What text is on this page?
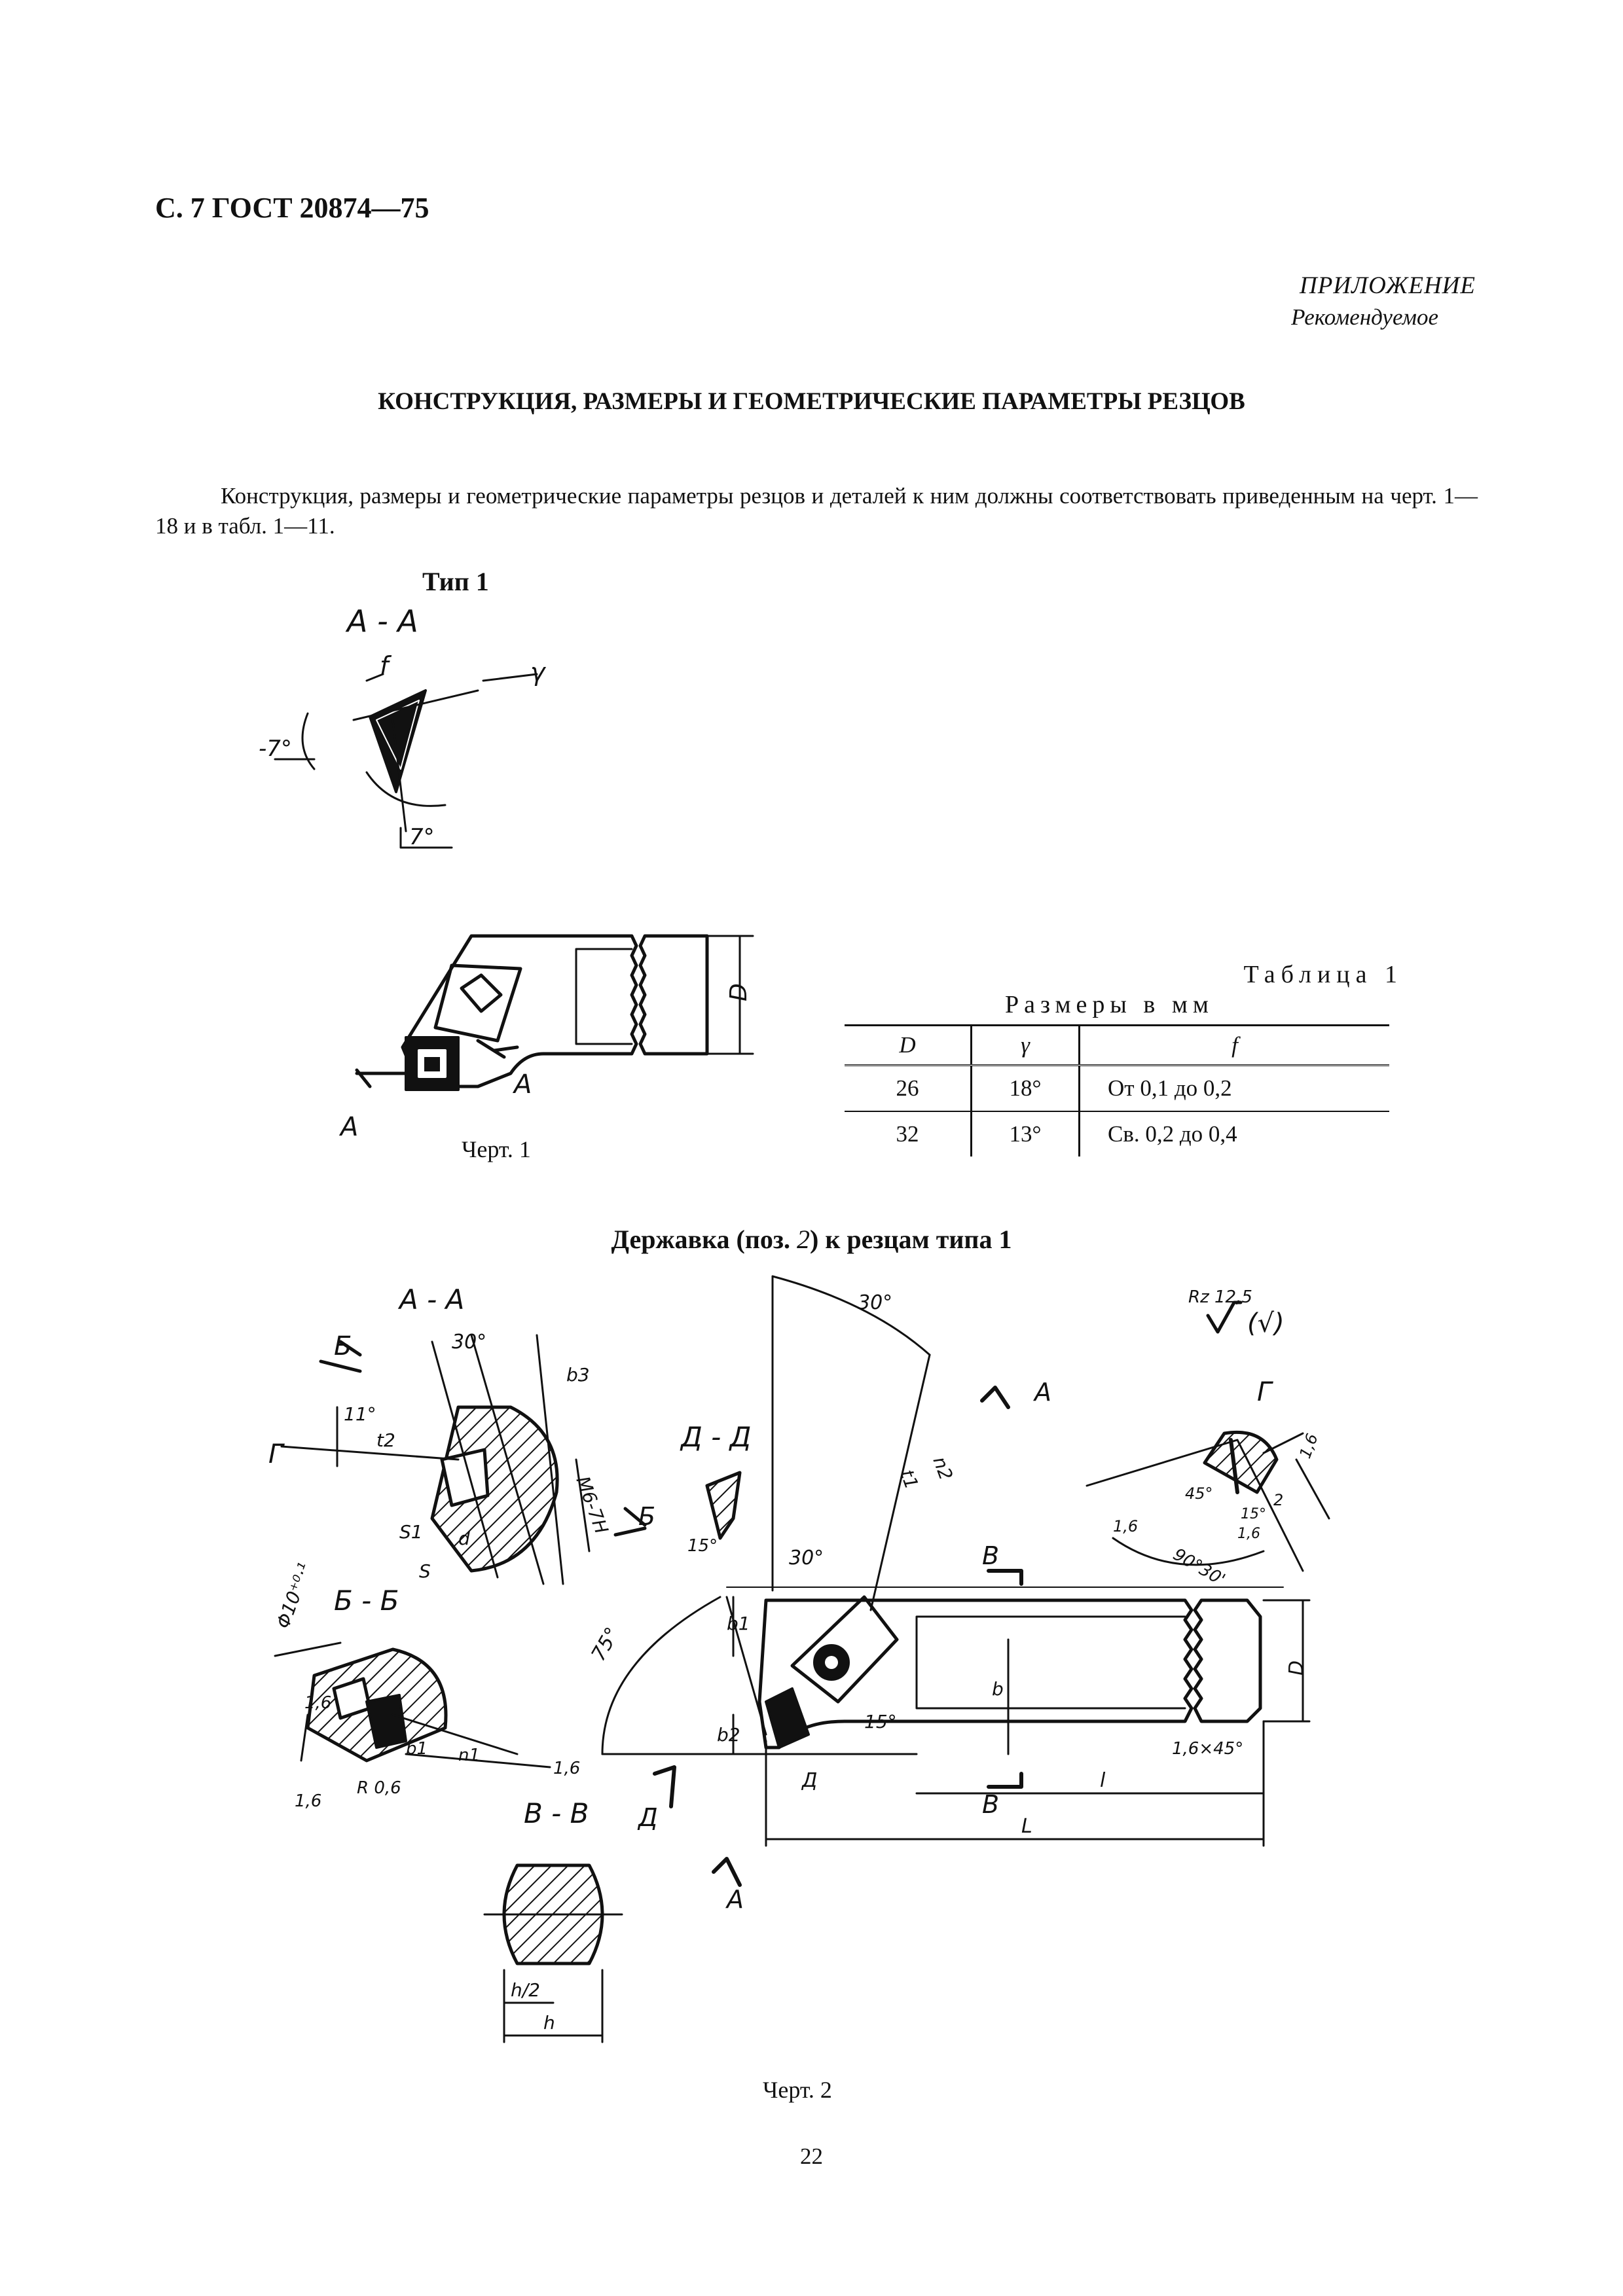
С. 7 ГОСТ 20874—75
ПРИЛОЖЕНИЕ
Рекомендуемое
КОНСТРУКЦИЯ, РАЗМЕРЫ И ГЕОМЕТРИЧЕСКИЕ ПАРАМЕТРЫ РЕЗЦОВ
Конструкция, размеры и геометрические параметры резцов и деталей к ним должны соответствовать приведенным на черт. 1—18 и в табл. 1—11.
Тип 1
Таблица 1
Размеры в мм
D	γ	f
26	18°	От 0,1 до 0,2
32	13°	Св. 0,2 до 0,4
Черт. 1
Державка (поз. 2) к резцам типа 1
Черт. 2
22
А - А
f	γ
-7°
7°
D
А
А
А - А
Б
Г
30°
b3
11°
t2
M6-7H
S1 d
S
Б
Б - Б
Φ10⁺⁰·¹
1,6
1,6
R 0,6
b1 n1
1,6
В - В
h/2
h
Д - Д
15°
А
А
В
В
Д
Д
30°
30°
75°
15°
t1 n2
b1
b2
b
D
1,6×45°
l
L
Г
1,6
45°
90°30'
2
1,6
1,6
15°
Rz 12,5
(√)
